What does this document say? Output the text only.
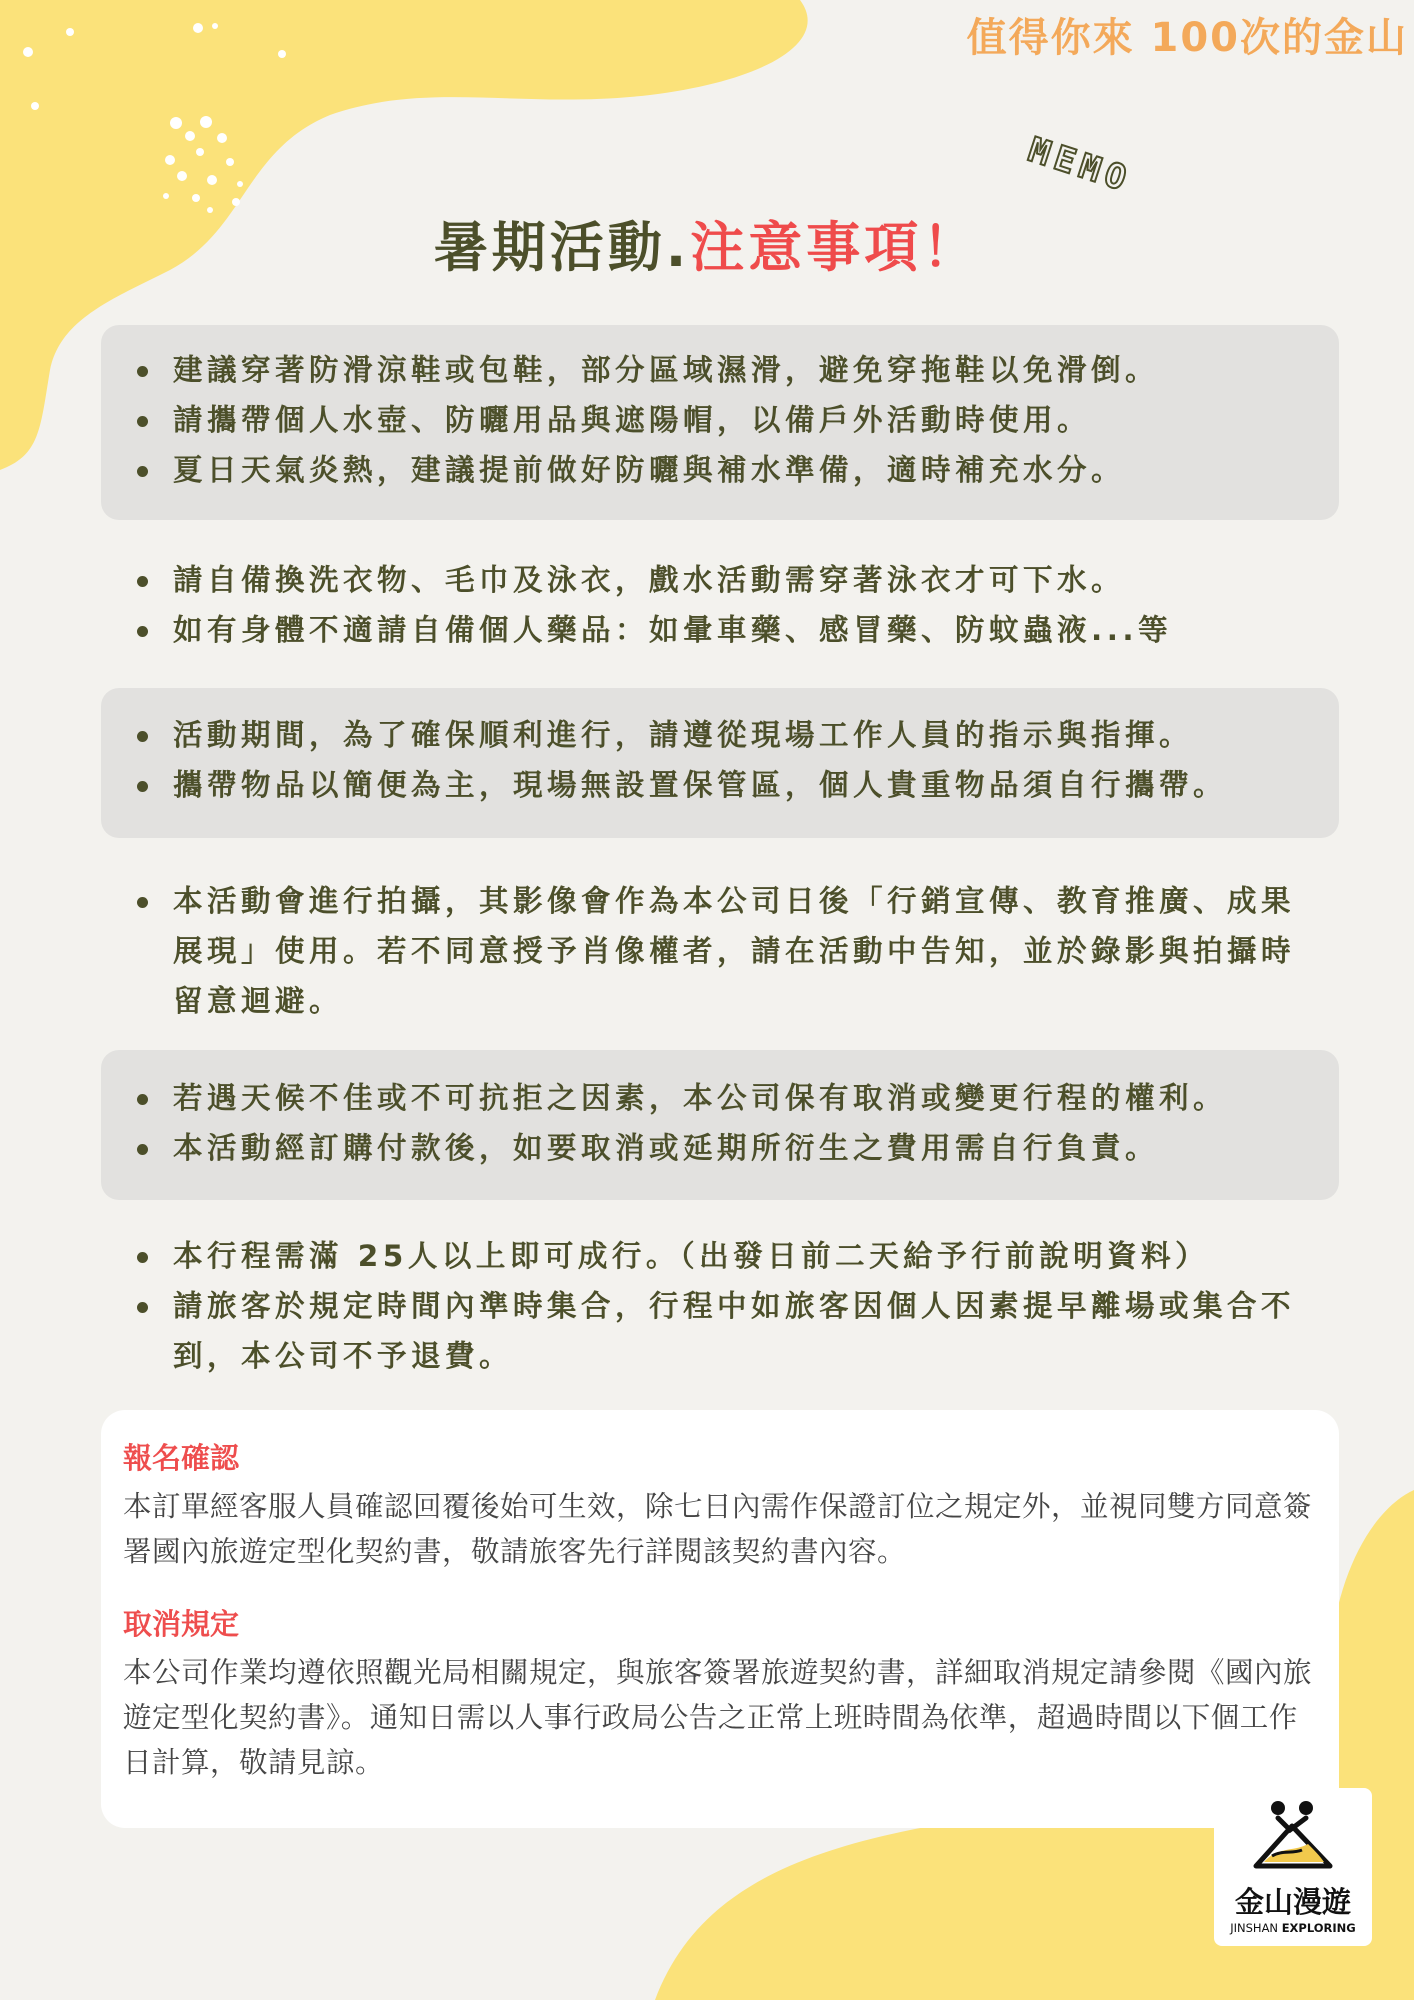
值得你來 100次的金山
MEMO
暑期活動.注意事項！
建議穿著防滑涼鞋或包鞋，部分區域濕滑，避免穿拖鞋以免滑倒。
請攜帶個人水壺、防曬用品與遮陽帽，以備戶外活動時使用。
夏日天氣炎熱，建議提前做好防曬與補水準備，適時補充水分。
請自備換洗衣物、毛巾及泳衣，戲水活動需穿著泳衣才可下水。
如有身體不適請自備個人藥品：如暈車藥、感冒藥、防蚊蟲液...等
活動期間，為了確保順利進行，請遵從現場工作人員的指示與指揮。
攜帶物品以簡便為主，現場無設置保管區，個人貴重物品須自行攜帶。
本活動會進行拍攝，其影像會作為本公司日後「行銷宣傳、教育推廣、成果展現」使用。若不同意授予肖像權者，請在活動中告知，並於錄影與拍攝時留意迴避。
若遇天候不佳或不可抗拒之因素，本公司保有取消或變更行程的權利。
本活動經訂購付款後，如要取消或延期所衍生之費用需自行負責。
本行程需滿 25人以上即可成行。（出發日前二天給予行前說明資料）
請旅客於規定時間內準時集合，行程中如旅客因個人因素提早離場或集合不到，本公司不予退費。
報名確認

本訂單經客服人員確認回覆後始可生效，除七日內需作保證訂位之規定外，並視同雙方同意簽署國內旅遊定型化契約書，敬請旅客先行詳閱該契約書內容。

取消規定

本公司作業均遵依照觀光局相關規定，與旅客簽署旅遊契約書，詳細取消規定請參閱《國內旅遊定型化契約書》。通知日需以人事行政局公告之正常上班時間為依準，超過時間以下個工作日計算，敬請見諒。

金山漫遊
JINSHAN EXPLORING
